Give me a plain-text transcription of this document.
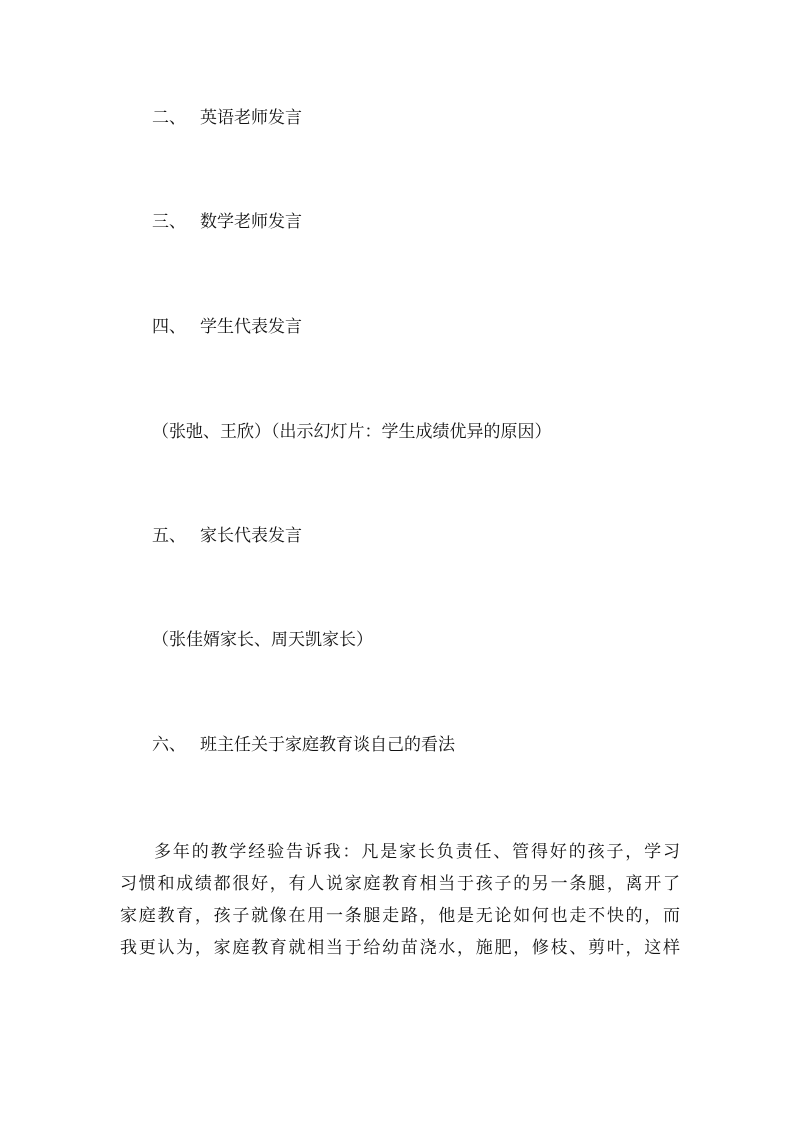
二、 英语老师发言
三、 数学老师发言
四、 学生代表发言
（张弛、王欣）（出示幻灯片：学生成绩优异的原因）
五、 家长代表发言
（张佳婿家长、周天凯家长）
六、 班主任关于家庭教育谈自己的看法
多年的教学经验告诉我：凡是家长负责任、管得好的孩子，学习
习惯和成绩都很好，有人说家庭教育相当于孩子的另一条腿，离开了
家庭教育，孩子就像在用一条腿走路，他是无论如何也走不快的，而
我更认为，家庭教育就相当于给幼苗浇水，施肥，修枝、剪叶，这样
